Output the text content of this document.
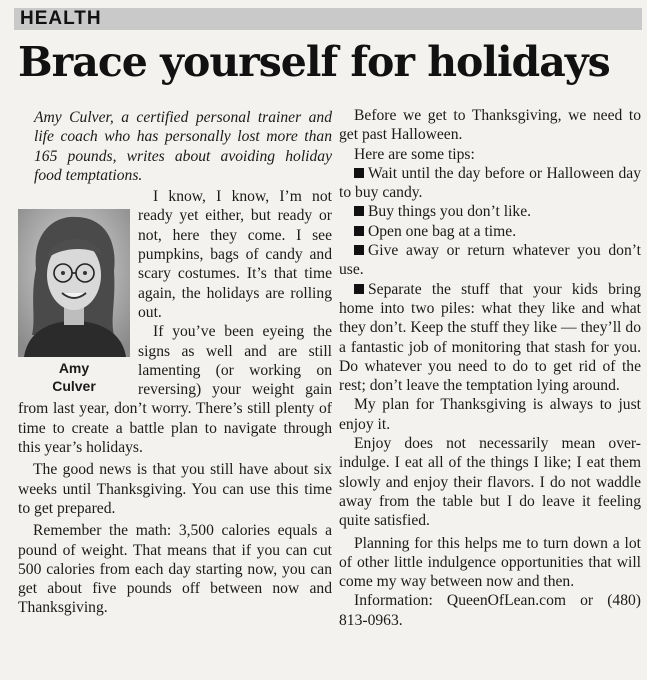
HEALTH
Brace yourself for holidays

Amy Culver, a certified personal trainer and life coach who has personally lost more than 165 pounds, writes about avoiding holiday food temptations.

Amy
Culver

I know, I know, I’m not ready yet either, but ready or not, here they come. I see pumpkins, bags of candy and scary costumes. It’s that time again, the holidays are rolling out.

If you’ve been eyeing the signs as well and are still lamenting (or working on reversing) your weight gain from last year, don’t worry. There’s still plenty of time to create a battle plan to navigate through this year’s holidays.

The good news is that you still have about six weeks until Thanksgiving. You can use this time to get prepared.

Remember the math: 3,500 calories equals a pound of weight. That means that if you can cut 500 calories from each day starting now, you can get about five pounds off between now and Thanksgiving.

Before we get to Thanksgiving, we need to get past Halloween.

Here are some tips:

Wait until the day before or Halloween day to buy candy.

Buy things you don’t like.

Open one bag at a time.

Give away or return whatever you don’t use.

Separate the stuff that your kids bring home into two piles: what they like and what they don’t. Keep the stuff they like — they’ll do a fantastic job of monitoring that stash for you. Do whatever you need to do to get rid of the rest; don’t leave the temptation lying around.

My plan for Thanksgiving is always to just enjoy it.

Enjoy does not necessarily mean over-indulge. I eat all of the things I like; I eat them slowly and enjoy their flavors. I do not waddle away from the table but I do leave it feeling quite satisfied.

Planning for this helps me to turn down a lot of other little indulgence opportunities that will come my way between now and then.

Information: QueenOfLean.com or (480) 813-0963.
